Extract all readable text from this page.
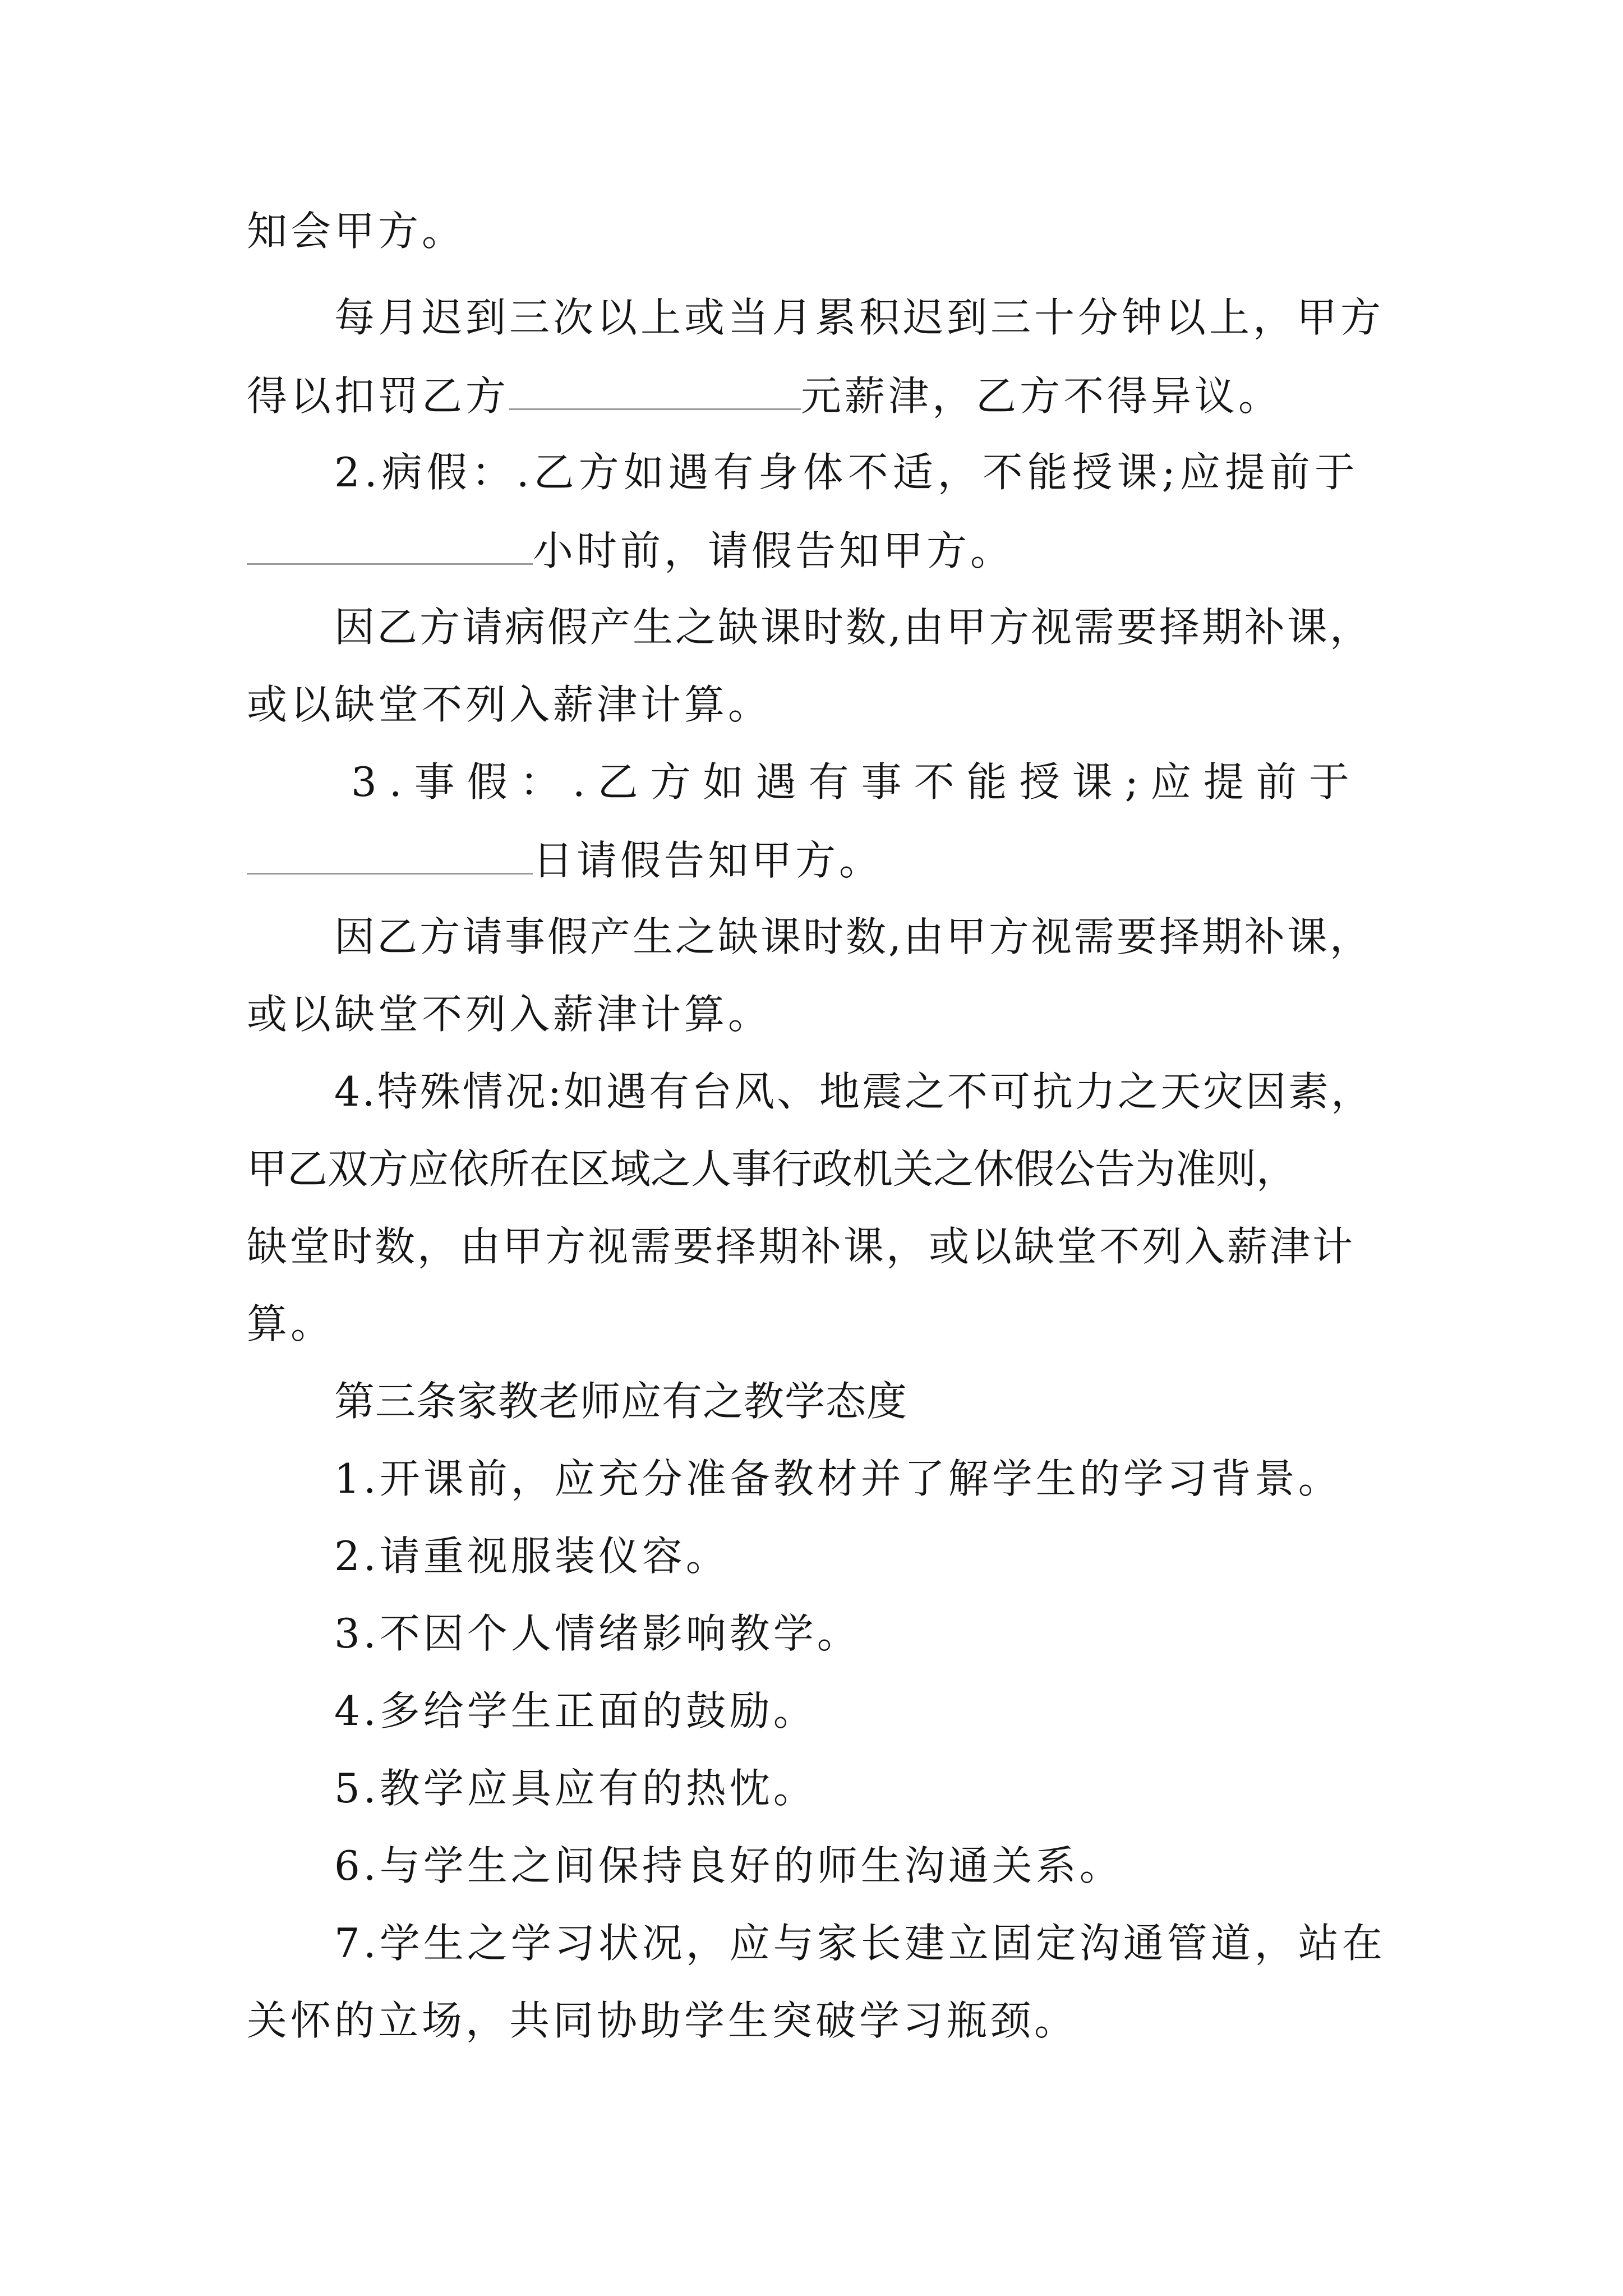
知会甲方。

每月迟到三次以上或当月累积迟到三十分钟以上，甲方

得以扣罚乙方	元薪津，乙方不得异议。

2.病假：.乙方如遇有身体不适，不能授课;应提前于

小时前，请假告知甲方。

因乙方请病假产生之缺课时数,由甲方视需要择期补课，

或以缺堂不列入薪津计算。

3.事假：.乙方如遇有事不能授课;应提前于

日请假告知甲方。

因乙方请事假产生之缺课时数,由甲方视需要择期补课，

或以缺堂不列入薪津计算。

4.特殊情况:如遇有台风、地震之不可抗力之天灾因素，

甲乙双方应依所在区域之人事行政机关之休假公告为准则，

缺堂时数，由甲方视需要择期补课，或以缺堂不列入薪津计

算。

第三条家教老师应有之教学态度

1.开课前，应充分准备教材并了解学生的学习背景。

2.请重视服装仪容。

3.不因个人情绪影响教学。

4.多给学生正面的鼓励。

5.教学应具应有的热忱。

6.与学生之间保持良好的师生沟通关系。

7.学生之学习状况，应与家长建立固定沟通管道，站在

关怀的立场，共同协助学生突破学习瓶颈。
